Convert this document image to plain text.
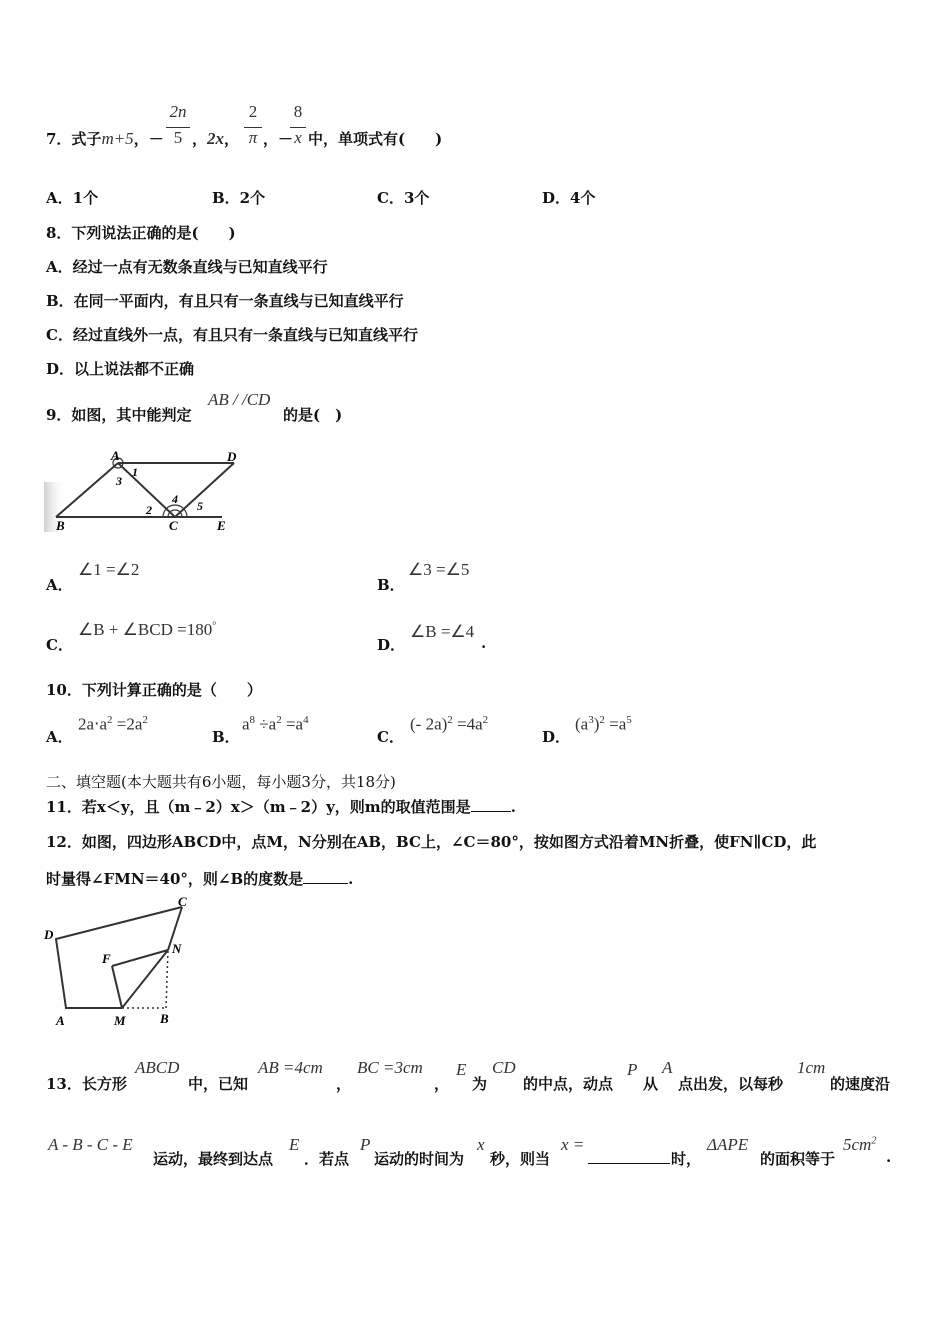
7．式子m+5，－
2n
5 ，2x，
2
π ，－
8
x 中，单项式有(　　)
A．1个	B．2个	C．3个	D．4个
8．下列说法正确的是(　　)
A．经过一点有无数条直线与已知直线平行
B．在同一平面内，有且只有一条直线与已知直线平行
C．经过直线外一点，有且只有一条直线与已知直线平行
D．以上说法都不正确
9．如图，其中能判定
AB / /CD
的是(　)
A	D
B	C	E
1
3
2
4 5
A．
∠1 =∠2
B．
∠3 =∠5
C．
∠B + ∠BCD =180°
D．
∠B =∠4
.
10．下列计算正确的是（　　）
A．
$2a\cdot a^2 =2a^2$
B．
$a^8 \div a^2 =a^4$
C．
(- $2a)^2 =4a^2$
D．
$(a^3)^2 =a^5$
二、填空题(本大题共有6小题，每小题3分，共18分)
11．若x＜y，且（m﹣2）x＞（m﹣2）y，则m的取值范围是	.
12．如图，四边形ABCD中，点M，N分别在AB，BC上，∠C＝80°，按如图方式沿着MN折叠，使FN∥CD，此
时量得∠FMN＝40°，则∠B的度数是	.
C
D
F
N
A	M	B
13．长方形
ABCD
中，已知
AB =4cm
，
BC =3cm
，
E
为
CD
的中点，动点
P
从
A
点出发，以每秒
1cm
的速度沿
A - B - C - E
运动，最终到达点
E
．若点
P
运动的时间为
x
秒，则当
x =
时，
ΔAPE
的面积等于
$5cm^2$
.
